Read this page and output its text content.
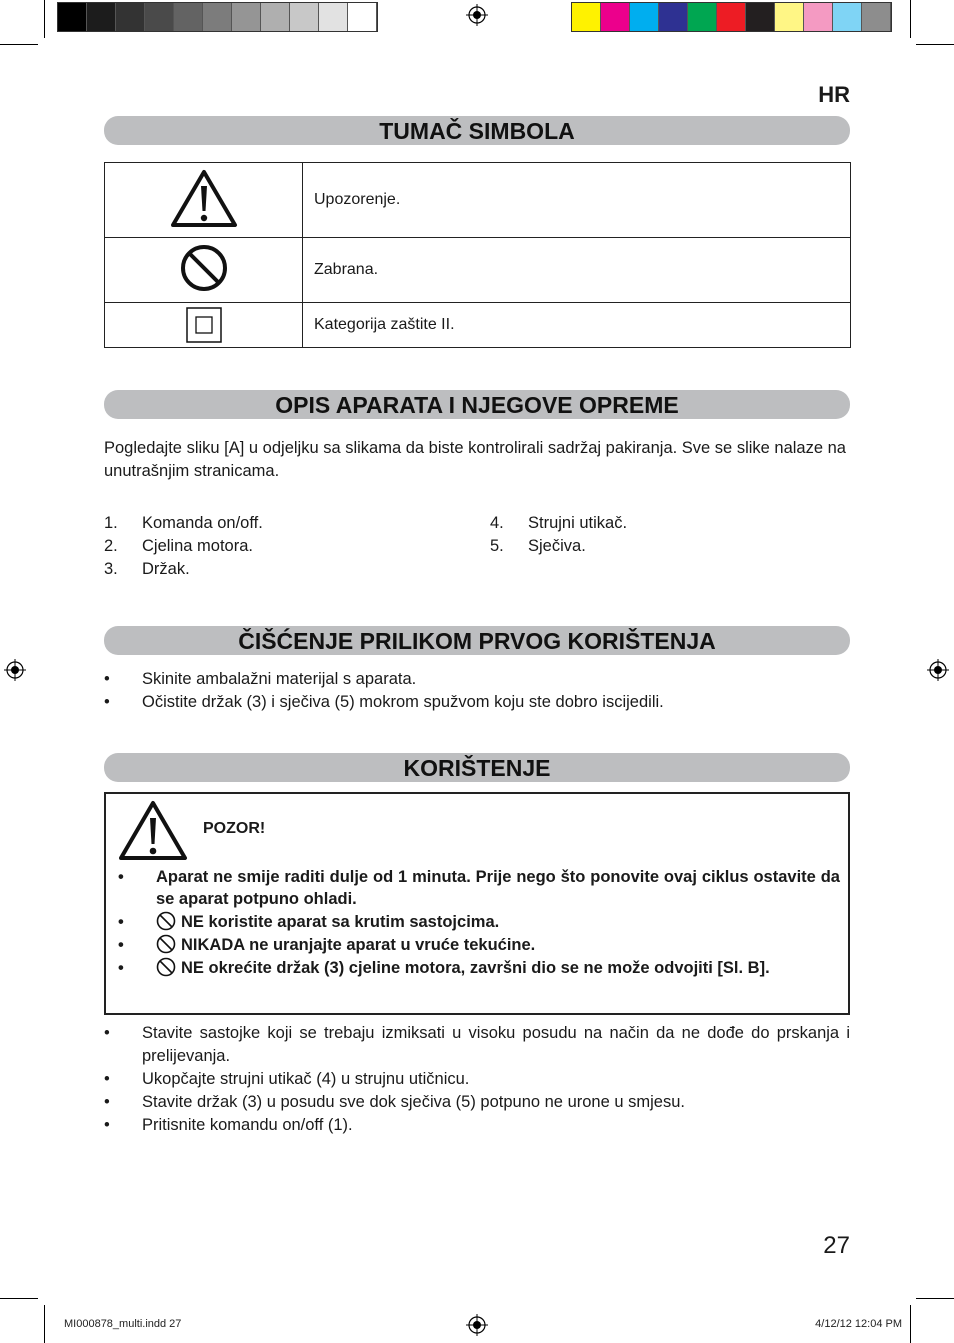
HR
TUMAČ SIMBOLA
	Upozorenje.
	Zabrana.
	Kategorija zaštite II.
OPIS APARATA I NJEGOVE OPREME
Pogledajte sliku [A] u odjeljku sa slikama da biste kontrolirali sadržaj pakiranja. Sve se slike nalaze na unutrašnjim stranicama.
1. Komanda on/off.
2. Cjelina motora.
3. Držak.
4. Strujni utikač.
5. Sječiva.
ČIŠĆENJE PRILIKOM PRVOG KORIŠTENJA
• Skinite ambalažni materijal s aparata.
• Očistite držak (3) i sječiva (5) mokrom spužvom koju ste dobro iscijedili.
KORIŠTENJE
POZOR!
• Aparat ne smije raditi dulje od 1 minuta. Prije nego što ponovite ovaj ciklus ostavite da se aparat potpuno ohladi.
•	NE koristite aparat sa krutim sastojcima.
•	NIKADA ne uranjajte aparat u vruće tekućine.
•	NE okrećite držak (3) cjeline motora, završni dio se ne može odvojiti [Sl. B].
• Stavite sastojke koji se trebaju izmiksati u visoku posudu na način da ne dođe do prskanja i prelijevanja.
• Ukopčajte strujni utikač (4) u strujnu utičnicu.
• Stavite držak (3) u posudu sve dok sječiva (5) potpuno ne urone u smjesu.
• Pritisnite komandu on/off (1).
27
MI000878_multi.indd 27	4/12/12 12:04 PM
